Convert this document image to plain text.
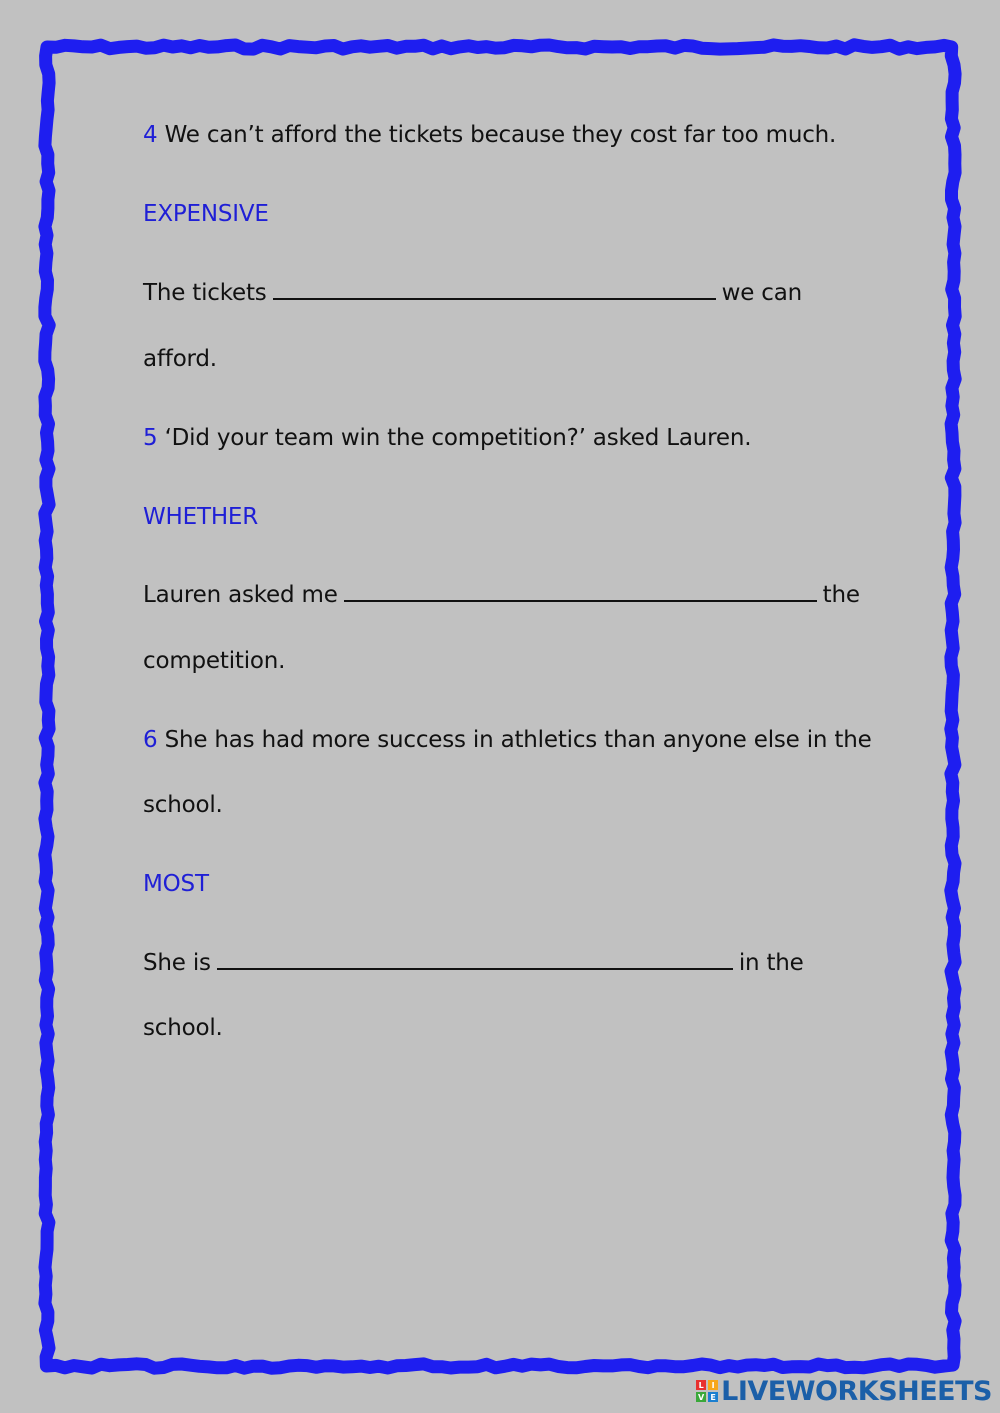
4 We can’t afford the tickets because they cost far too much.
EXPENSIVE
The tickets	we can
afford.
5 ‘Did your team win the competition?’ asked Lauren.
WHETHER
Lauren asked me	the
competition.
6 She has had more success in athletics than anyone else in the
school.
MOST
She is	in the
school.
L I
V E LIVEWORKSHEETS
